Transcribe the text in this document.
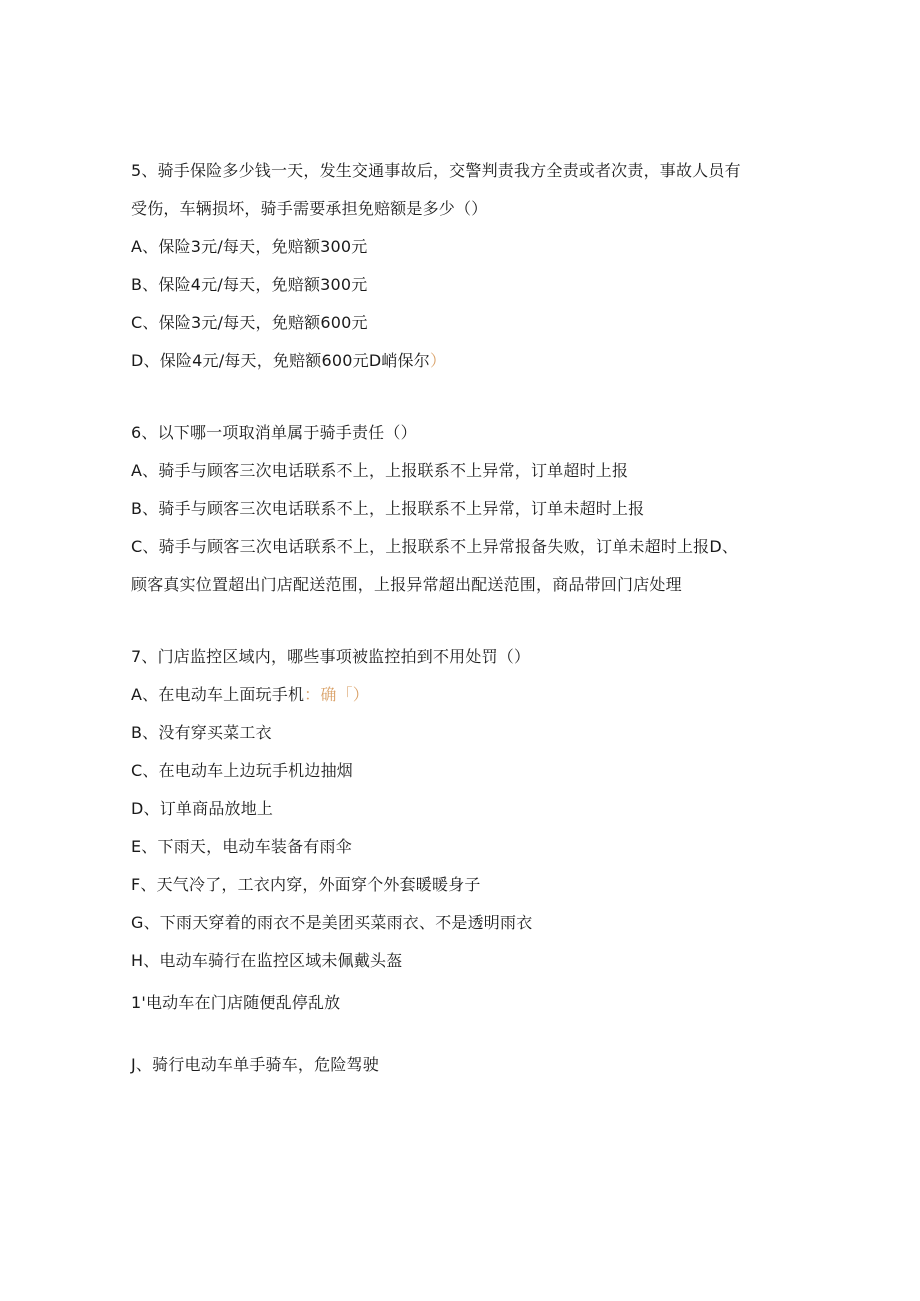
5、骑手保险多少钱一天，发生交通事故后，交警判责我方全责或者次责，事故人员有
受伤，车辆损坏，骑手需要承担免赔额是多少（）
A、保险3元/每天，免赔额300元
B、保险4元/每天，免赔额300元
C、保险3元/每天，免赔额600元
D、保险4元/每天，免赔额600元D峭保尔）
6、以下哪一项取消单属于骑手责任（）
A、骑手与顾客三次电话联系不上，上报联系不上异常，订单超时上报
B、骑手与顾客三次电话联系不上，上报联系不上异常，订单未超时上报
C、骑手与顾客三次电话联系不上，上报联系不上异常报备失败，订单未超时上报D、
顾客真实位置超出门店配送范围，上报异常超出配送范围，商品带回门店处理
7、门店监控区域内，哪些事项被监控拍到不用处罚（）
A、在电动车上面玩手机：确「）
B、没有穿买菜工衣
C、在电动车上边玩手机边抽烟
D、订单商品放地上
E、下雨天，电动车装备有雨伞
F、天气冷了，工衣内穿，外面穿个外套暖暖身子
G、下雨天穿着的雨衣不是美团买菜雨衣、不是透明雨衣
H、电动车骑行在监控区域未佩戴头盔
1'电动车在门店随便乱停乱放
J、骑行电动车单手骑车，危险驾驶
